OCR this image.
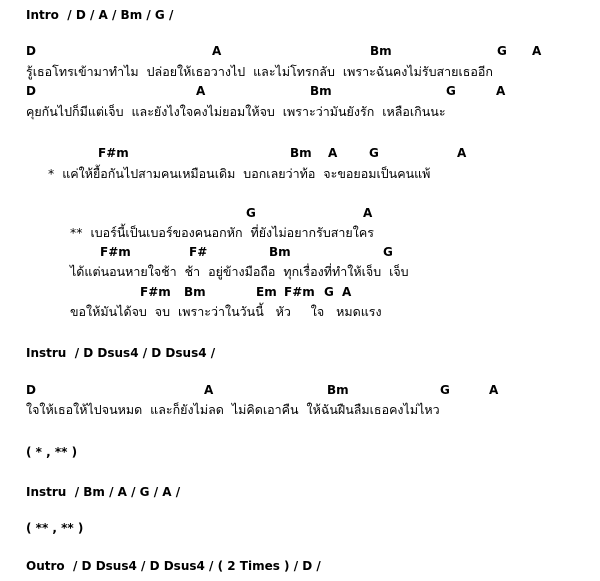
Intro  / D / A / Bm / G /
D	A	Bm	G A
รู้เธอโทรเข้ามาทำไม  ปล่อยให้เธอวางไป  และไม่โทรกลับ  เพราะฉันคงไม่รับสายเธออีก
D	A	Bm	G	A
คุยกันไปก็มีแต่เจ็บ  และยังไงใจคงไม่ยอมให้จบ  เพราะว่ามันยังรัก  เหลือเกินนะ
F#m	Bm A	G	A
*  แค่ให้ยื้อกันไปสามคนเหมือนเดิม  บอกเลยว่าท้อ  จะขอยอมเป็นคนแพ้
G	A
**  เบอร์นี้เป็นเบอร์ของคนอกหัก  ที่ยังไม่อยากรับสายใคร
F#m	F#	Bm	G
ได้แต่นอนหายใจช้า  ช้า  อยู่ข้างมือถือ  ทุกเรื่องที่ทำให้เจ็บ  เจ็บ
F#m Bm	Em F#m G A
ขอให้มันได้จบ  จบ  เพราะว่าในวันนี้   หัว     ใจ   หมดแรง
Instru  / D Dsus4 / D Dsus4 /
D	A	Bm	G	A
ใจให้เธอให้ไปจนหมด  และก็ยังไม่ลด  ไม่คิดเอาคืน  ให้ฉันฝืนลืมเธอคงไม่ไหว
( * , ** )
Instru  / Bm / A / G / A /
( ** , ** )
Outro  / D Dsus4 / D Dsus4 / ( 2 Times ) / D /
